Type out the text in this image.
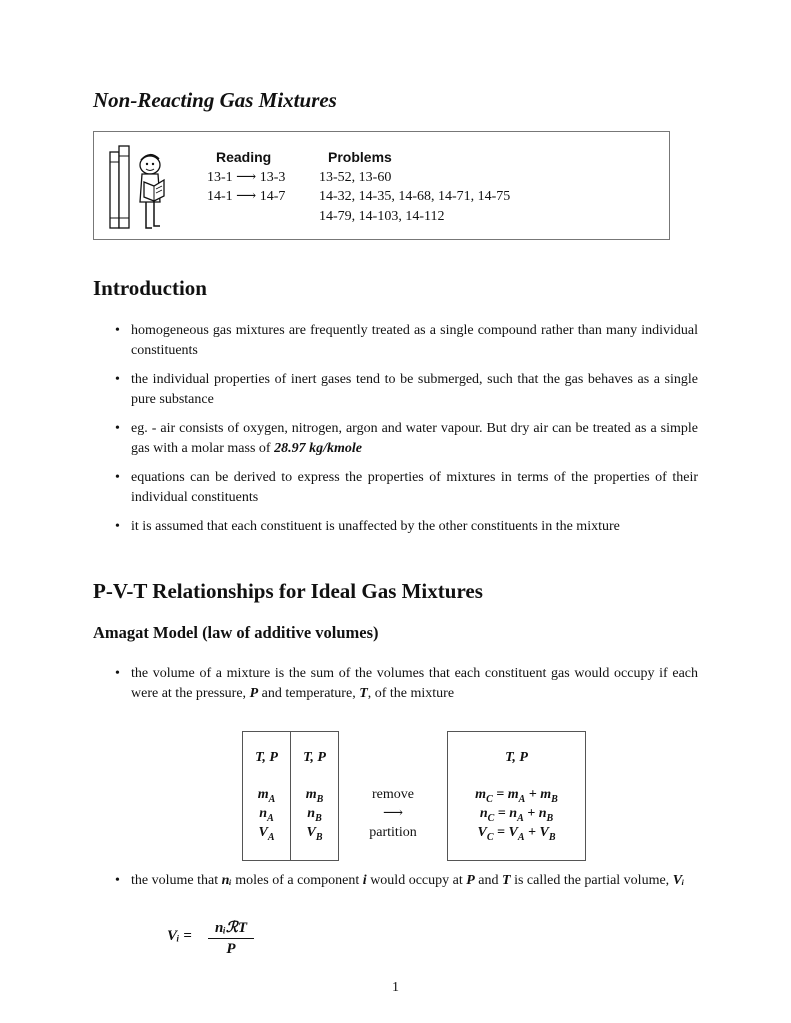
Non-Reacting Gas Mixtures
Reading
13-1 ⟶ 13-3
14-1 ⟶ 14-7
Problems
13-52, 13-60
14-32, 14-35, 14-68, 14-71, 14-75
14-79, 14-103, 14-112
Introduction
• homogeneous gas mixtures are frequently treated as a single compound rather than many individual constituents
• the individual properties of inert gases tend to be submerged, such that the gas behaves as a single pure substance
• eg. - air consists of oxygen, nitrogen, argon and water vapour. But dry air can be treated as a simple gas with a molar mass of 28.97 kg/kmole
• equations can be derived to express the properties of mixtures in terms of the properties of their individual constituents
• it is assumed that each constituent is unaffected by the other constituents in the mixture
P-V-T Relationships for Ideal Gas Mixtures
Amagat Model (law of additive volumes)
• the volume of a mixture is the sum of the volumes that each constituent gas would occupy if each were at the pressure, P and temperature, T, of the mixture
T, P
$m_A$
$n_A$
$V_A$
T, P
$m_B$
$n_B$
$V_B$
remove
⟶
partition
T, P
$m_C = m_A + m_B$
$n_C = n_A + n_B$
$V_C = V_A + V_B$
• the volume that nᵢ moles of a component i would occupy at P and T is called the partial volume, Vᵢ
Vᵢ =	nᵢℛT
P
1
